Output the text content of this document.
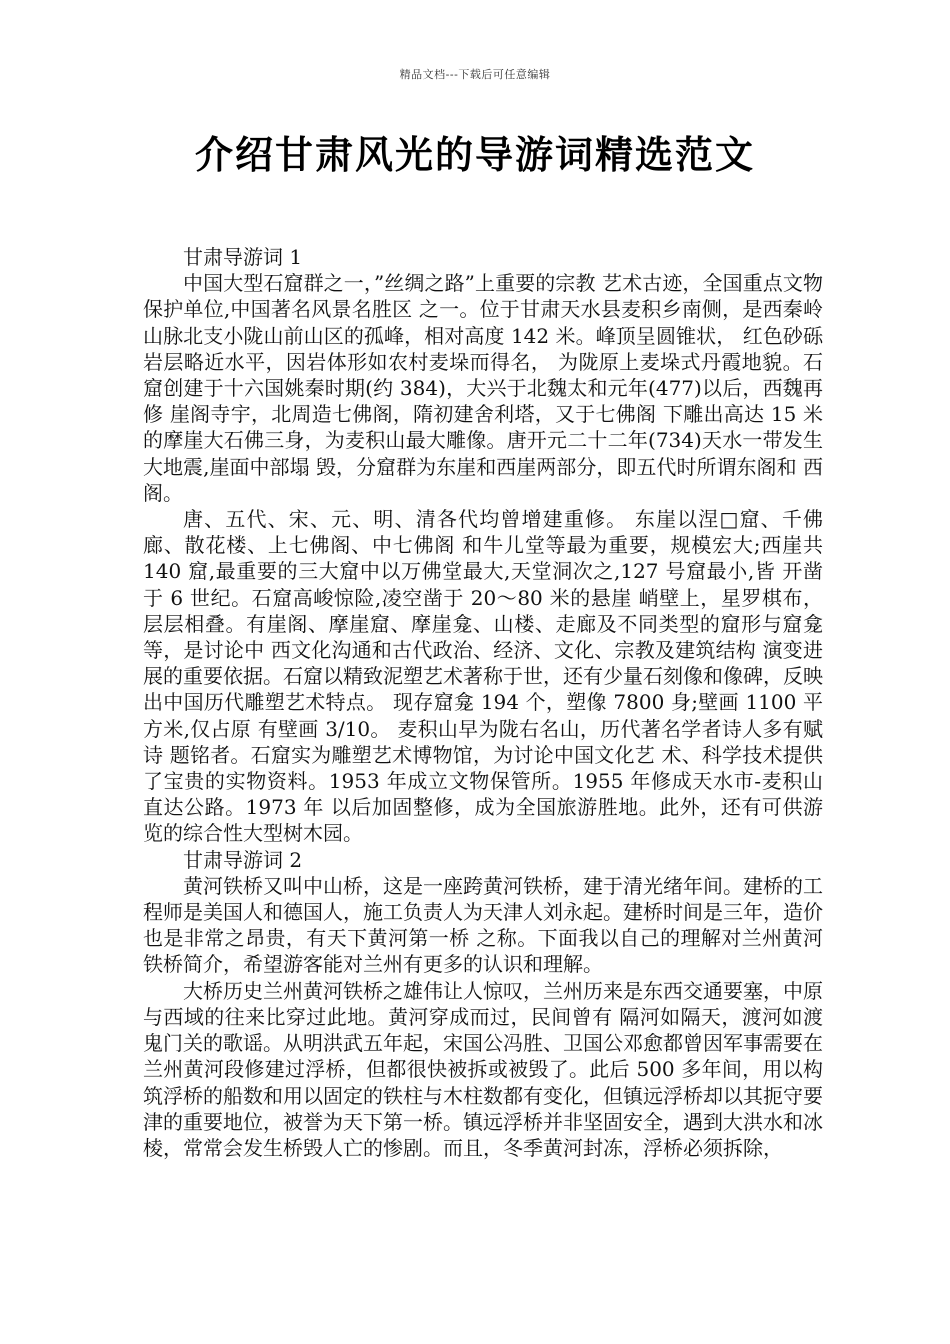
精品文档---下载后可任意编辑
介绍甘肃风光的导游词精选范文

甘肃导游词 1

中国大型石窟群之一，”丝绸之路”上重要的宗教 艺术古迹，全国重点文物保护单位,中国著名风景名胜区 之一。位于甘肃天水县麦积乡南侧，是西秦岭山脉北支小陇山前山区的孤峰，相对高度 142 米。峰顶呈圆锥状， 红色砂砾岩层略近水平，因岩体形如农村麦垛而得名， 为陇原上麦垛式丹霞地貌。石窟创建于十六国姚秦时期(约 384)，大兴于北魏太和元年(477)以后，西魏再修 崖阁寺宇，北周造七佛阁，隋初建舍利塔，又于七佛阁 下雕出高达 15 米的摩崖大石佛三身，为麦积山最大雕像。唐开元二十二年(734)天水一带发生大地震,崖面中部塌 毁，分窟群为东崖和西崖两部分，即五代时所谓东阁和 西阁。

唐、五代、宋、元、明、清各代均曾增建重修。 东崖以涅□窟、千佛廊、散花楼、上七佛阁、中七佛阁 和牛儿堂等最为重要，规模宏大;西崖共 140 窟,最重要的三大窟中以万佛堂最大,天堂洞次之,127 号窟最小,皆 开凿于 6 世纪。石窟高峻惊险,凌空凿于 20～80 米的悬崖 峭壁上，星罗棋布，层层相叠。有崖阁、摩崖窟、摩崖龛、山楼、走廊及不同类型的窟形与窟龛等，是讨论中 西文化沟通和古代政治、经济、文化、宗教及建筑结构 演变进展的重要依据。石窟以精致泥塑艺术著称于世，还有少量石刻像和像碑，反映出中国历代雕塑艺术特点。 现存窟龛 194 个，塑像 7800 身;壁画 1100 平方米,仅占原 有壁画 3/10。 麦积山早为陇右名山，历代著名学者诗人多有赋诗 题铭者。石窟实为雕塑艺术博物馆，为讨论中国文化艺 术、科学技术提供了宝贵的实物资料。1953 年成立文物保管所。1955 年修成天水市-麦积山直达公路。1973 年 以后加固整修，成为全国旅游胜地。此外，还有可供游 览的综合性大型树木园。

甘肃导游词 2

黄河铁桥又叫中山桥，这是一座跨黄河铁桥，建于清光绪年间。建桥的工程师是美国人和德国人，施工负责人为天津人刘永起。建桥时间是三年，造价也是非常之昂贵，有天下黄河第一桥 之称。下面我以自己的理解对兰州黄河铁桥简介，希望游客能对兰州有更多的认识和理解。

大桥历史兰州黄河铁桥之雄伟让人惊叹，兰州历来是东西交通要塞，中原与西域的往来比穿过此地。黄河穿成而过，民间曾有 隔河如隔天，渡河如渡鬼门关的歌谣。从明洪武五年起，宋国公冯胜、卫国公邓愈都曾因军事需要在兰州黄河段修建过浮桥，但都很快被拆或被毁了。此后 500 多年间，用以构筑浮桥的船数和用以固定的铁柱与木柱数都有变化，但镇远浮桥却以其扼守要津的重要地位，被誉为天下第一桥。镇远浮桥并非坚固安全，遇到大洪水和冰棱，常常会发生桥毁人亡的惨剧。而且，冬季黄河封冻，浮桥必须拆除，
